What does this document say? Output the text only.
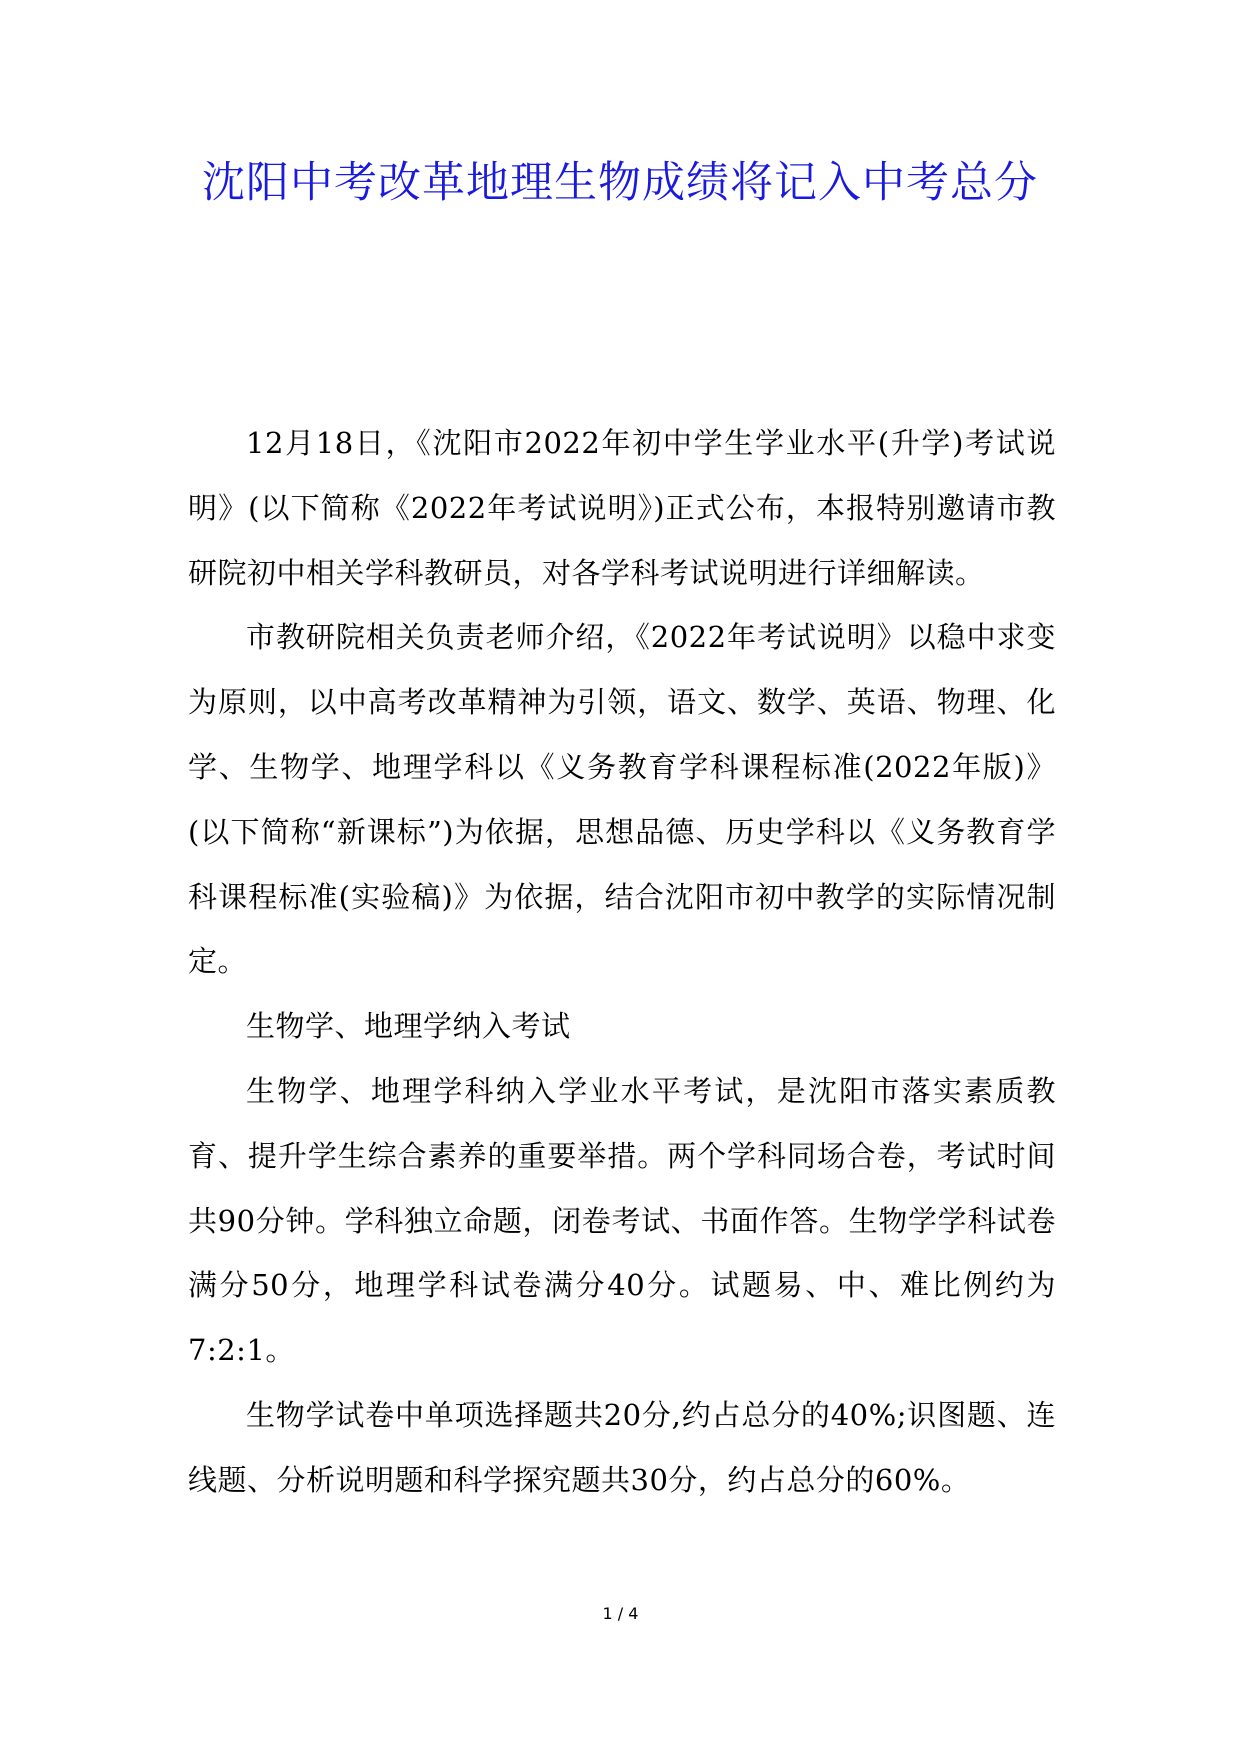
沈阳中考改革地理生物成绩将记入中考总分

12月18日，《沈阳市2022年初中学生学业水平(升学)考试说明》(以下简称《2022年考试说明》)正式公布，本报特别邀请市教研院初中相关学科教研员，对各学科考试说明进行详细解读。

市教研院相关负责老师介绍，《2022年考试说明》以稳中求变为原则，以中高考改革精神为引领，语文、数学、英语、物理、化学、生物学、地理学科以《义务教育学科课程标准(2022年版)》(以下简称“新课标”)为依据，思想品德、历史学科以《义务教育学科课程标准(实验稿)》为依据，结合沈阳市初中教学的实际情况制定。

生物学、地理学纳入考试

生物学、地理学科纳入学业水平考试，是沈阳市落实素质教育、提升学生综合素养的重要举措。两个学科同场合卷，考试时间共90分钟。学科独立命题，闭卷考试、书面作答。生物学学科试卷满分50分，地理学科试卷满分40分。试题易、中、难比例约为7:2:1。

生物学试卷中单项选择题共20分,约占总分的40%;识图题、连线题、分析说明题和科学探究题共30分，约占总分的60%。

1 / 4
